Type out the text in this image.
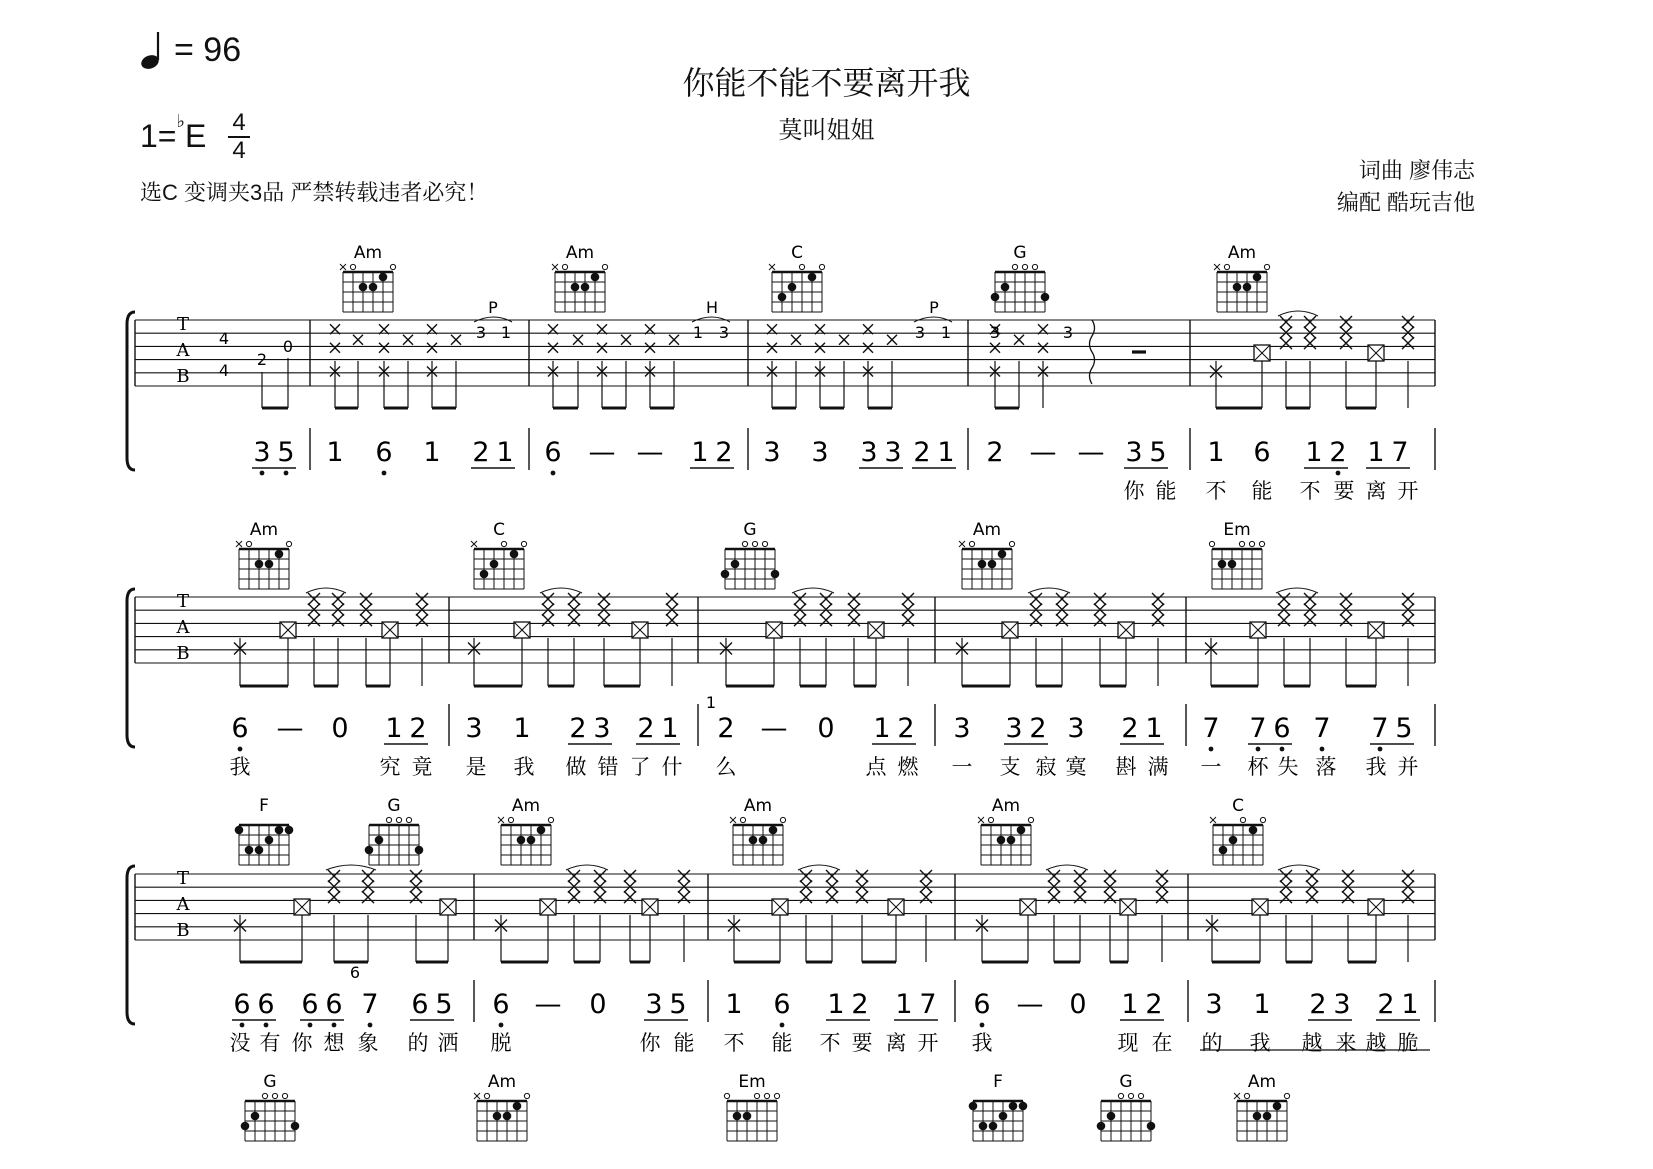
= 96
你能不能不要离开我
莫叫姐姐
1=♭E 4
4
选C 变调夹3品 严禁转载违者必究！
词曲 廖伟志
编配 酷玩吉他
T
A
B
4
4
2
0
Am	Am	C	G	Am
P	H	P
3 1	1 3	3 1 3	3
3 5 1 6 1 2 1 6 — — 1 2 3 3 3 3 2 1 2 — — 3 5 1 6 1 2 1 7
你 能 不 能 不 要 离 开
T
A
B
Am	C	G	Am	Em
6 — 0 1 2 3 1 2 3 2 1 2 — 0 1 2 3 3 2 3 2 1 7 7 6 7 7 5
1
我	究 竟 是 我 做 错 了 什 么	点 燃 一 支 寂 寞 斟 满 一 杯 失 落 我 并
T
A
B
F	G	Am	Am	Am	C
6 6 6 6 7 6 5 6 — 0 3 5 1 6 1 2 1 7 6 — 0 1 2 3 1 2 3 2 1
6
没 有 你 想 象 的 洒 脱	你 能 不 能 不 要 离 开 我	现 在 的 我 越 来 越 脆
G	Am	Em	F	G	Am
